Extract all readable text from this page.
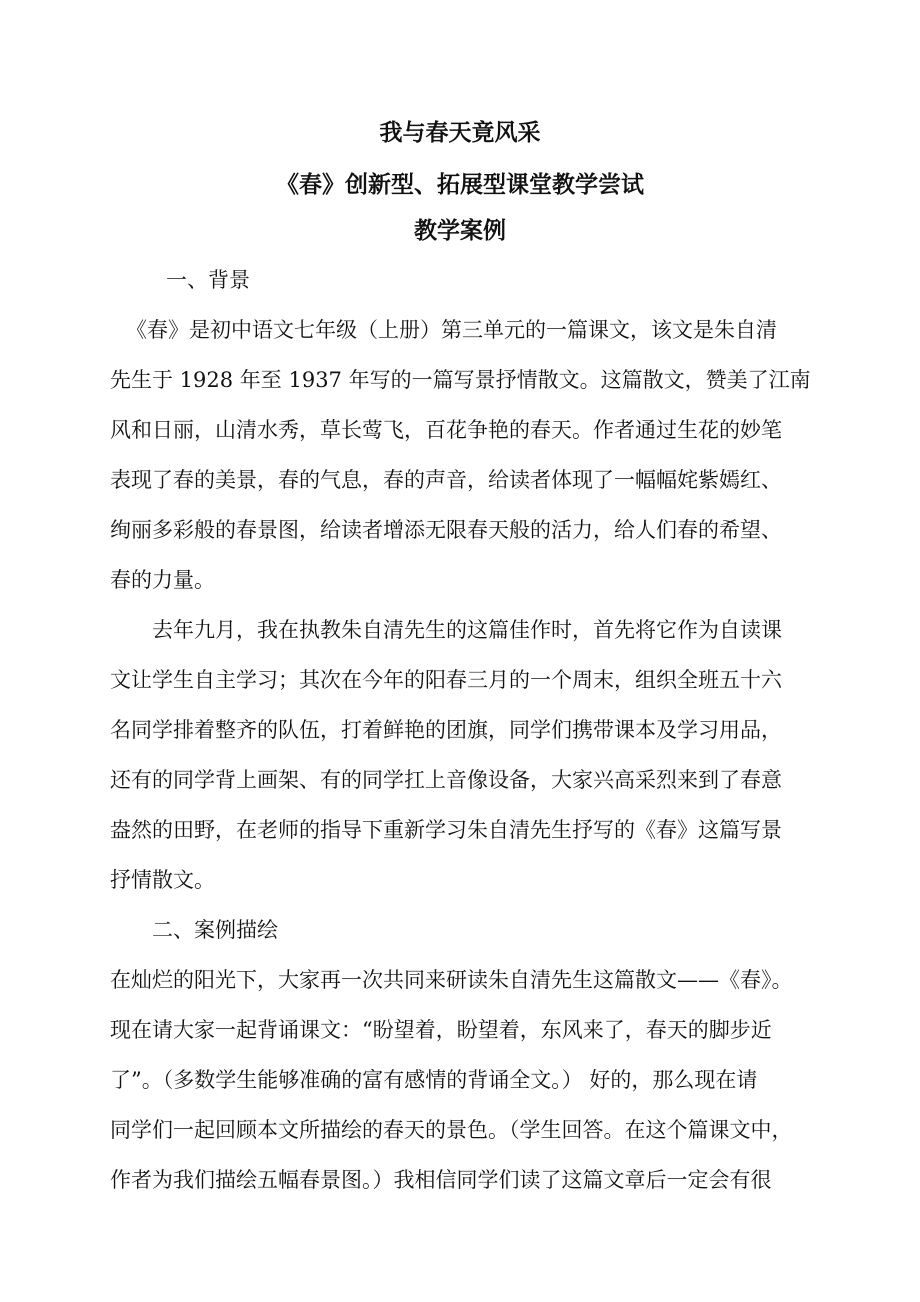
我与春天竟风采
《春》创新型、拓展型课堂教学尝试
教学案例
一、背景
《春》是初中语文七年级（上册）第三单元的一篇课文，该文是朱自清
先生于 1928 年至 1937 年写的一篇写景抒情散文。这篇散文，赞美了江南
风和日丽，山清水秀，草长莺飞，百花争艳的春天。作者通过生花的妙笔
表现了春的美景，春的气息，春的声音，给读者体现了一幅幅姹紫嫣红、
绚丽多彩般的春景图，给读者增添无限春天般的活力，给人们春的希望、
春的力量。
去年九月，我在执教朱自清先生的这篇佳作时，首先将它作为自读课
文让学生自主学习；其次在今年的阳春三月的一个周末，组织全班五十六
名同学排着整齐的队伍，打着鲜艳的团旗，同学们携带课本及学习用品，
还有的同学背上画架、有的同学扛上音像设备，大家兴高采烈来到了春意
盎然的田野，在老师的指导下重新学习朱自清先生抒写的《春》这篇写景
抒情散文。
二、案例描绘
在灿烂的阳光下，大家再一次共同来研读朱自清先生这篇散文——《春》。
现在请大家一起背诵课文：“盼望着，盼望着，东风来了，春天的脚步近
了”。（多数学生能够准确的富有感情的背诵全文。） 好的，那么现在请
同学们一起回顾本文所描绘的春天的景色。（学生回答。在这个篇课文中，
作者为我们描绘五幅春景图。）我相信同学们读了这篇文章后一定会有很
